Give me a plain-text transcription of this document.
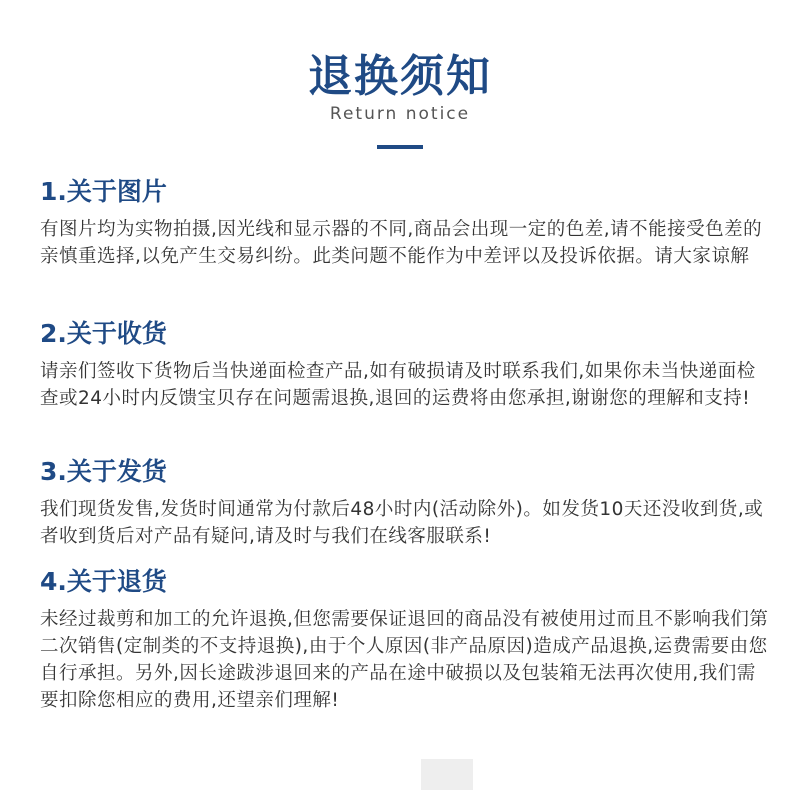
退换须知
Return notice

1.关于图片

有图片均为实物拍摄,因光线和显示器的不同,商品会出现一定的色差,请不能接受色差的亲慎重选择,以免产生交易纠纷。此类问题不能作为中差评以及投诉依据。请大家谅解

2.关于收货

请亲们签收下货物后当快递面检查产品,如有破损请及时联系我们,如果你未当快递面检查或24小时内反馈宝贝存在问题需退换,退回的运费将由您承担,谢谢您的理解和支持!

3.关于发货

我们现货发售,发货时间通常为付款后48小时内(活动除外)。如发货10天还没收到货,或者收到货后对产品有疑问,请及时与我们在线客服联系!

4.关于退货

未经过裁剪和加工的允许退换,但您需要保证退回的商品没有被使用过而且不影响我们第二次销售(定制类的不支持退换),由于个人原因(非产品原因)造成产品退换,运费需要由您自行承担。另外,因长途跋涉退回来的产品在途中破损以及包装箱无法再次使用,我们需要扣除您相应的费用,还望亲们理解!
